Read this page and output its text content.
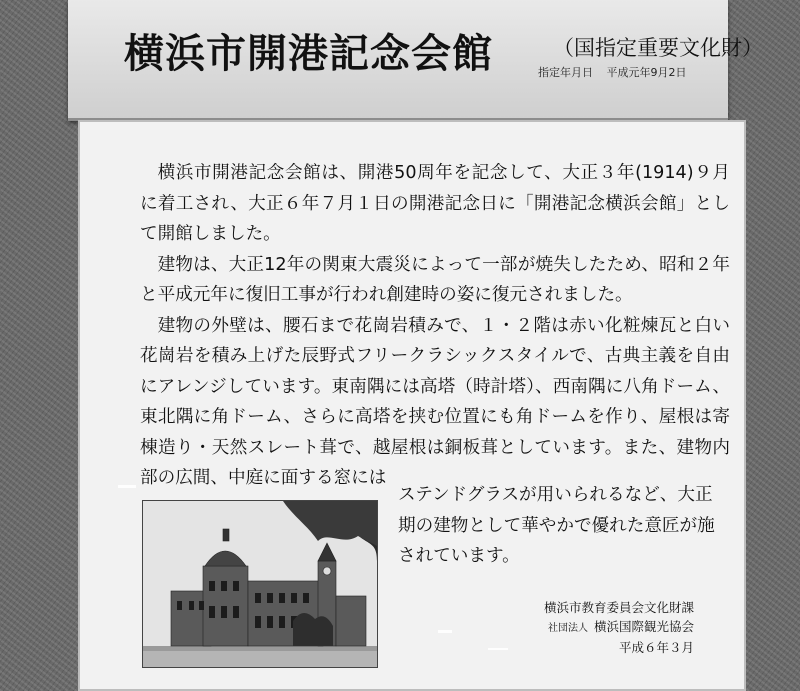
横浜市開港記念会館	（国指定重要文化財）
指定年月日 平成元年9月2日

横浜市開港記念会館は、開港50周年を記念して、大正３年(1914)９月に着工され、大正６年７月１日の開港記念日に「開港記念横浜会館」として開館しました。

建物は、大正12年の関東大震災によって一部が焼失したため、昭和２年と平成元年に復旧工事が行われ創建時の姿に復元されました。

建物の外壁は、腰石まで花崗岩積みで、１・２階は赤い化粧煉瓦と白い花崗岩を積み上げた辰野式フリークラシックスタイルで、古典主義を自由にアレンジしています。東南隅には高塔（時計塔）、西南隅に八角ドーム、東北隅に角ドーム、さらに高塔を挟む位置にも角ドームを作り、屋根は寄棟造り・天然スレート葺で、越屋根は銅板葺としています。また、建物内部の広間、中庭に面する窓には

ステンドグラスが用いられるなど、大正期の建物として華やかで優れた意匠が施されています。
横浜市教育委員会文化財課
社団法人 横浜国際観光協会
平成６年３月
